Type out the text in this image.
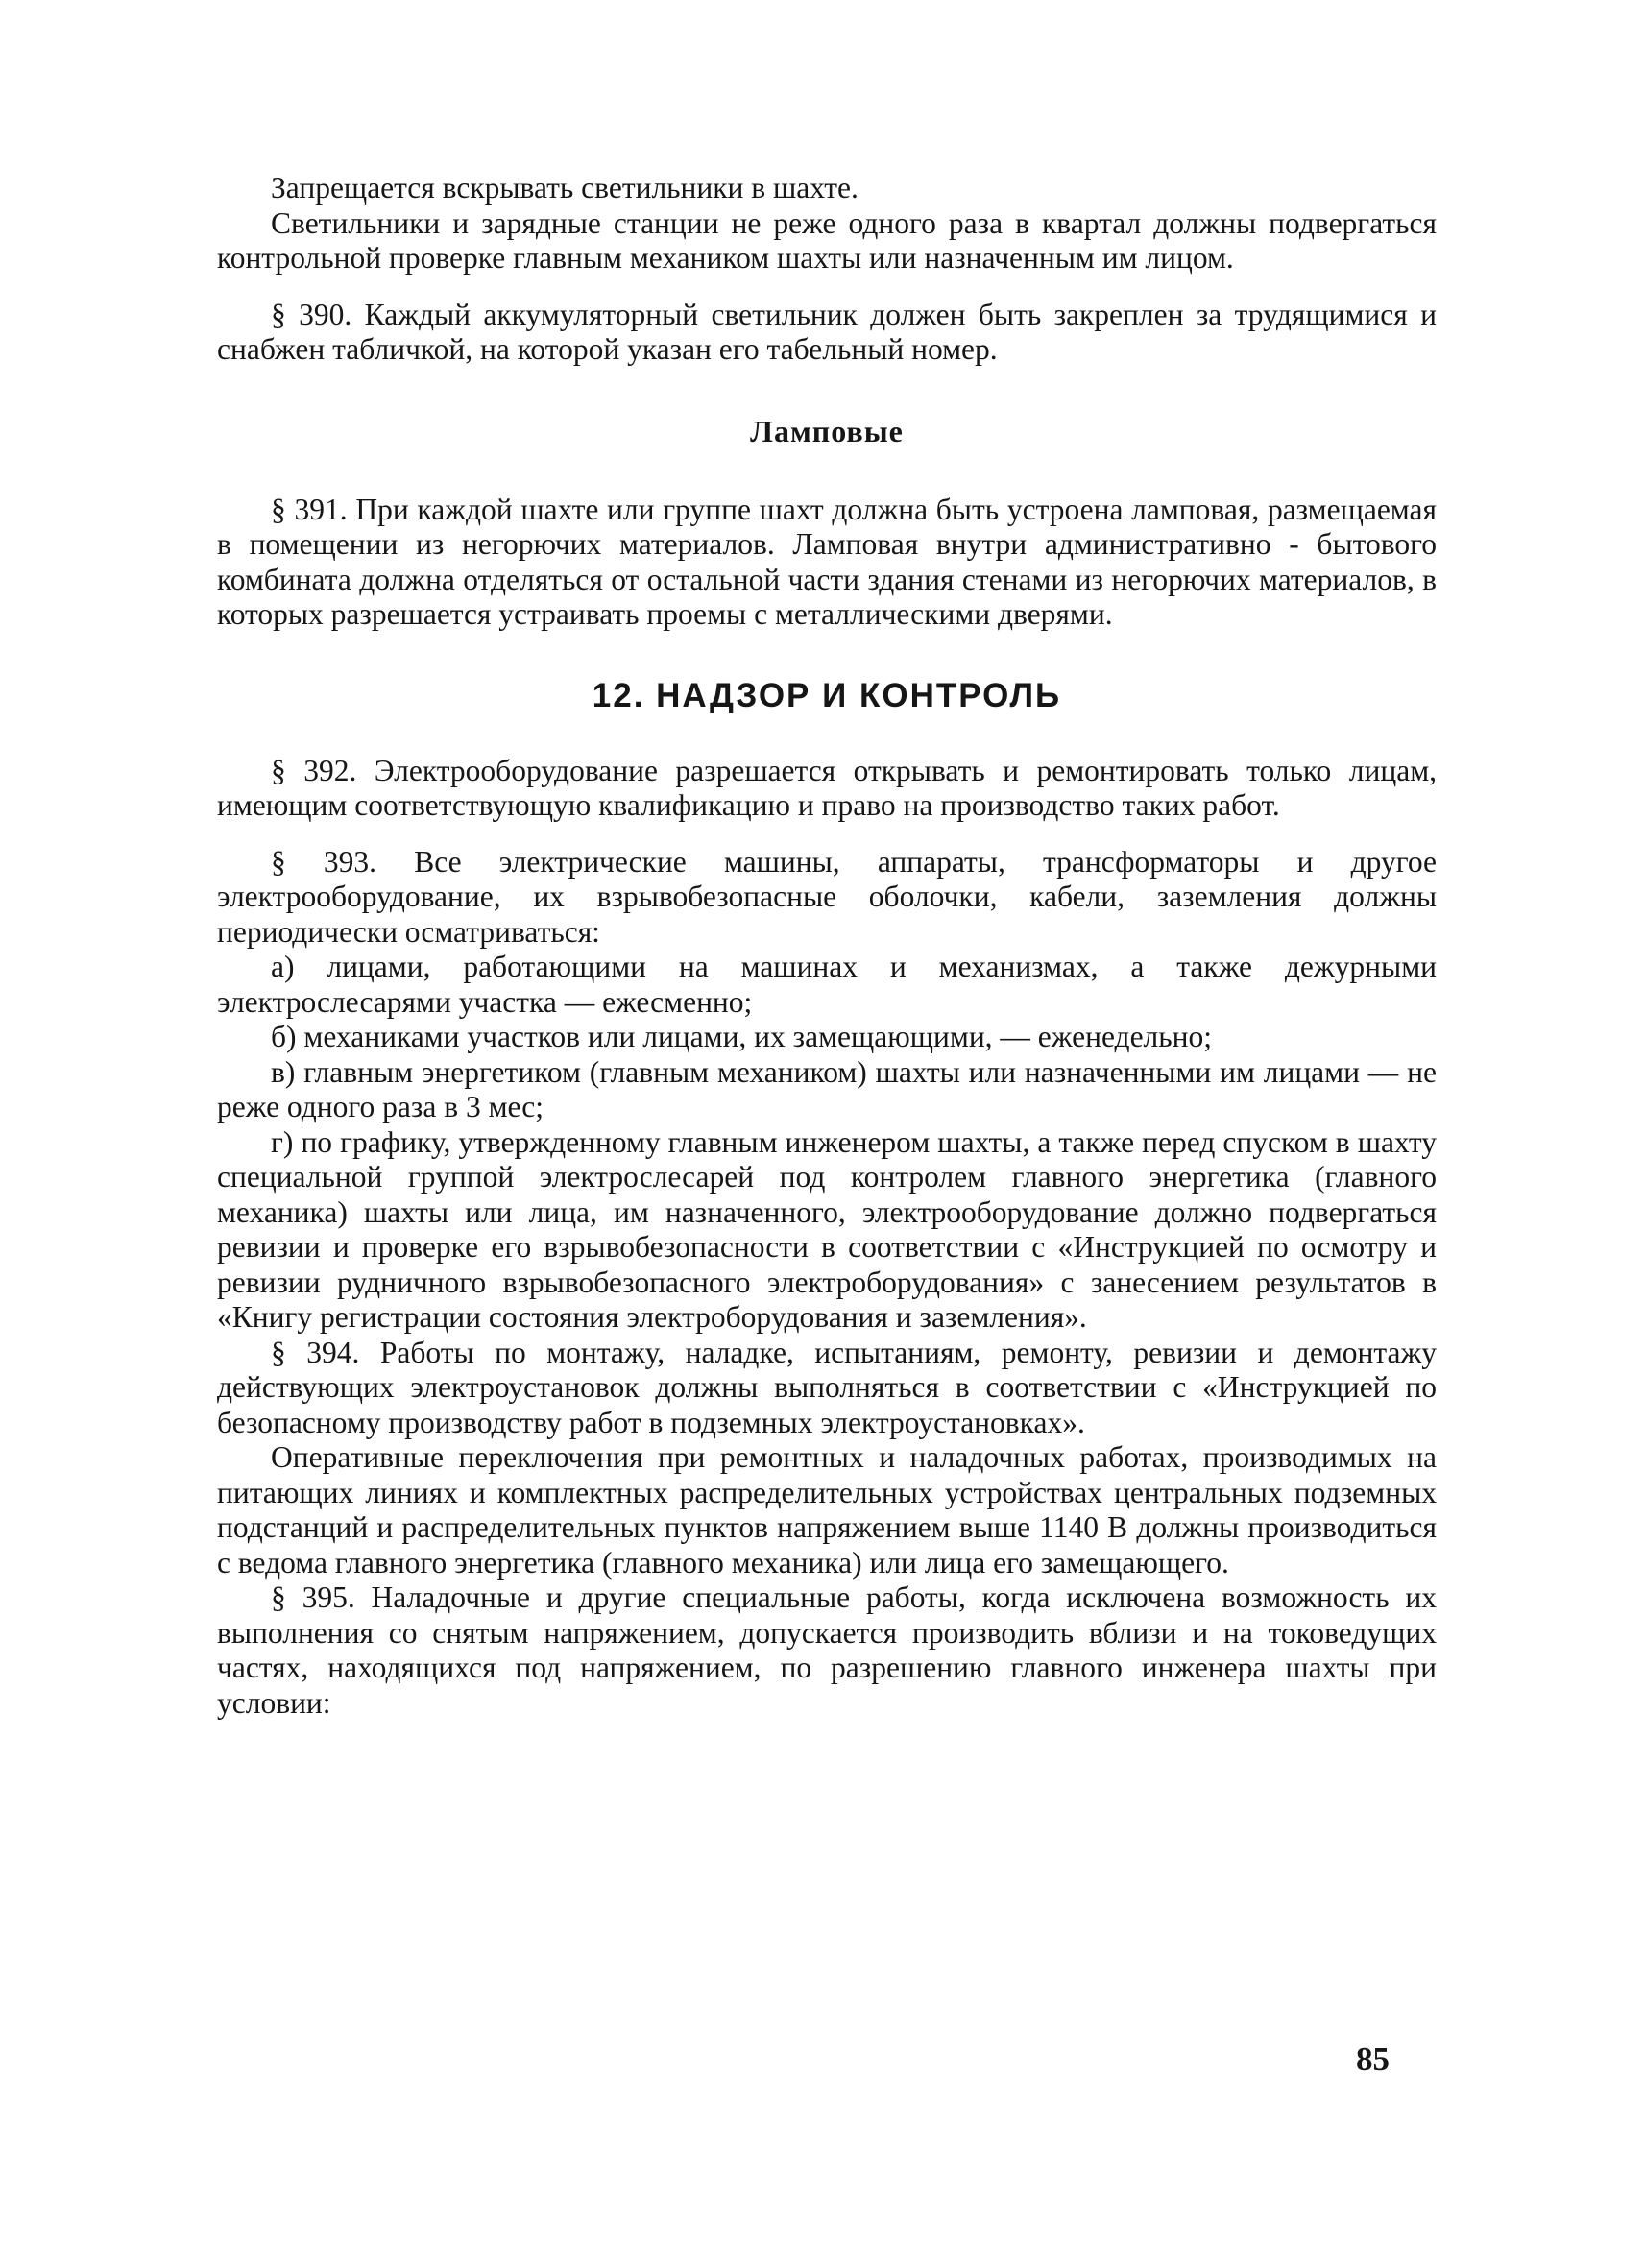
Запрещается вскрывать светильники в шахте.

Светильники и зарядные станции не реже одного раза в квартал должны подвергаться контрольной проверке главным механиком шахты или назначенным им лицом.

§ 390. Каждый аккумуляторный светильник должен быть закреплен за трудящимися и снабжен табличкой, на которой указан его табельный номер.

Ламповые

§ 391. При каждой шахте или группе шахт должна быть устроена ламповая, размещаемая в помещении из негорючих материалов. Ламповая внутри административно - бытового комбината должна отделяться от остальной части здания стенами из негорючих материалов, в которых разрешается устраивать проемы с металлическими дверями.

12. НАДЗОР И КОНТРОЛЬ

§ 392. Электрооборудование разрешается открывать и ремонтировать только лицам, имеющим соответствующую квалификацию и право на производство таких работ.

§ 393. Все электрические машины, аппараты, трансформаторы и другое электрооборудование, их взрывобезопасные оболочки, кабели, заземления должны периодически осматриваться:

а) лицами, работающими на машинах и механизмах, а также дежурными электрослесарями участка — ежесменно;

б) механиками участков или лицами, их замещающими, — еженедельно;

в) главным энергетиком (главным механиком) шахты или назначенными им лицами — не реже одного раза в 3 мес;

г) по графику, утвержденному главным инженером шахты, а также перед спуском в шахту специальной группой электрослесарей под контролем главного энергетика (главного механика) шахты или лица, им назначенного, электрооборудование должно подвергаться ревизии и проверке его взрывобезопасности в соответствии с «Инструкцией по осмотру и ревизии рудничного взрывобезопасного электроборудования» с занесением результатов в «Книгу регистрации состояния электроборудования и заземления».

§ 394. Работы по монтажу, наладке, испытаниям, ремонту, ревизии и демонтажу действующих электроустановок должны выполняться в соответствии с «Инструкцией по безопасному производству работ в подземных электроустановках».

Оперативные переключения при ремонтных и наладочных работах, производимых на питающих линиях и комплектных распределительных устройствах центральных подземных подстанций и распределительных пунктов напряжением выше 1140 В должны производиться с ведома главного энергетика (главного механика) или лица его замещающего.

§ 395. Наладочные и другие специальные работы, когда исключена возможность их выполнения со снятым напряжением, допускается производить вблизи и на токоведущих частях, находящихся под напряжением, по разрешению главного инженера шахты при условии:

85
